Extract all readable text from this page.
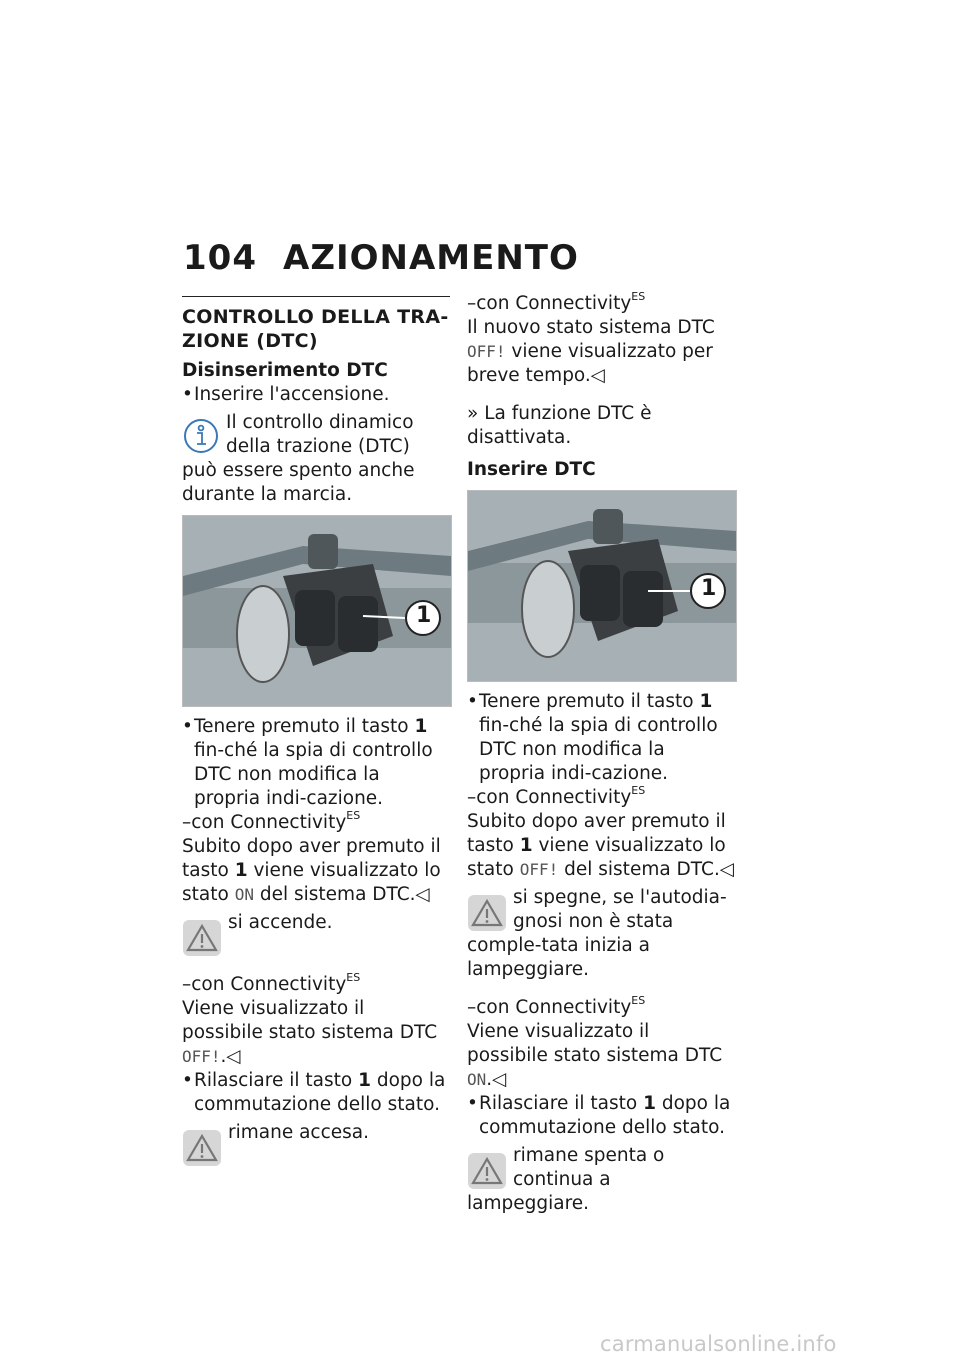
104 AZIONAMENTO
CONTROLLO DELLA TRA-ZIONE (DTC)
Disinserimento DTC

• Inserire l'accensione.

Il controllo dinamico della trazione (DTC) può essere spento anche durante la marcia.
1

• Tenere premuto il tasto 1 fin-ché la spia di controllo DTC non modifica la propria indi-cazione.

–con Connectivity$^{ES}$

Subito dopo aver premuto il tasto 1 viene visualizzato lo stato ON del sistema DTC.◁

si accende.

–con Connectivity$^{ES}$

Viene visualizzato il possibile stato sistema DTC OFF!.◁

• Rilasciare il tasto 1 dopo la commutazione dello stato.

rimane accesa.

–con Connectivity$^{ES}$

Il nuovo stato sistema DTC OFF! viene visualizzato per breve tempo.◁

» La funzione DTC è disattivata.

Inserire DTC
1

• Tenere premuto il tasto 1 fin-ché la spia di controllo DTC non modifica la propria indi-cazione.

–con Connectivity$^{ES}$

Subito dopo aver premuto il tasto 1 viene visualizzato lo stato OFF! del sistema DTC.◁

si spegne, se l'autodia-gnosi non è stata comple-tata inizia a lampeggiare.

–con Connectivity$^{ES}$

Viene visualizzato il possibile stato sistema DTC ON.◁

• Rilasciare il tasto 1 dopo la commutazione dello stato.

rimane spenta o continua a lampeggiare.
carmanualsonline.info
